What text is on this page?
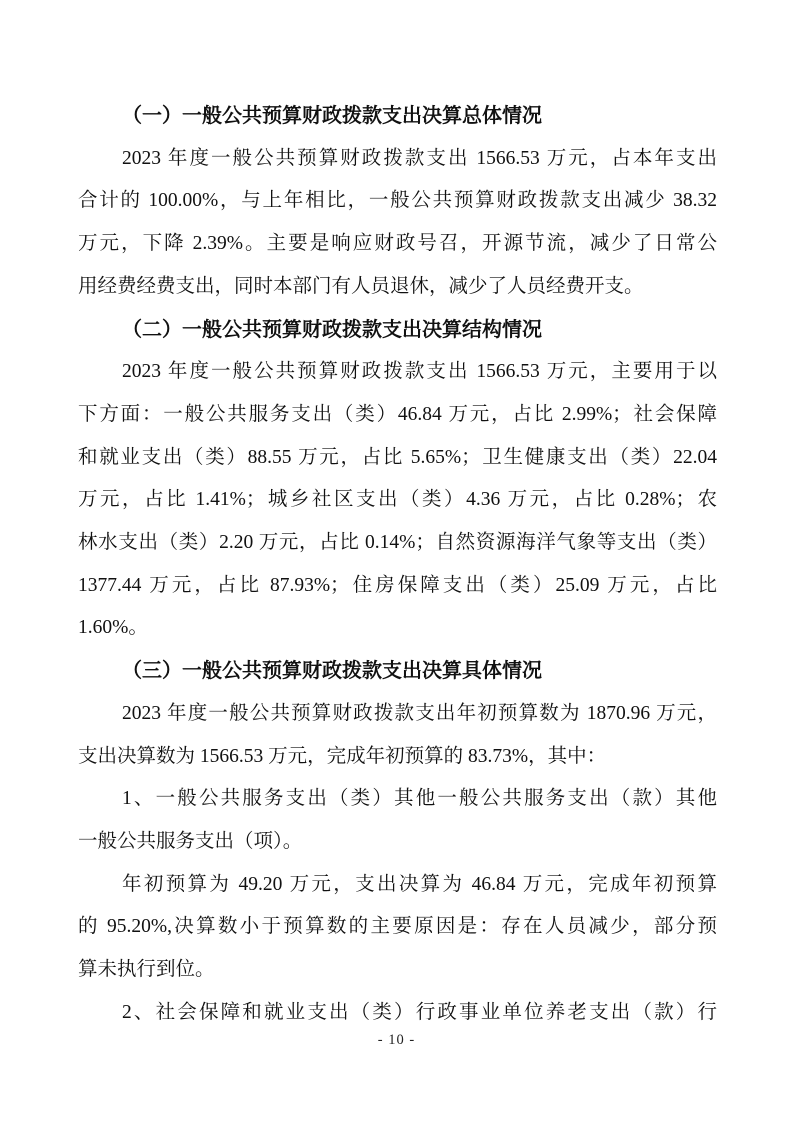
（一）一般公共预算财政拨款支出决算总体情况
2023 年度一般公共预算财政拨款支出 1566.53 万元，占本年支出
合计的 100.00%，与上年相比，一般公共预算财政拨款支出减少 38.32
万元，下降 2.39%。主要是响应财政号召，开源节流，减少了日常公
用经费经费支出，同时本部门有人员退休，减少了人员经费开支。
（二）一般公共预算财政拨款支出决算结构情况
2023 年度一般公共预算财政拨款支出 1566.53 万元，主要用于以
下方面：一般公共服务支出（类）46.84 万元，占比 2.99%；社会保障
和就业支出（类）88.55 万元，占比 5.65%；卫生健康支出（类）22.04
万元，占比 1.41%；城乡社区支出（类）4.36 万元，占比 0.28%；农
林水支出（类）2.20 万元，占比 0.14%；自然资源海洋气象等支出（类）
1377.44 万元，占比 87.93%；住房保障支出（类）25.09 万元，占比
1.60%。
（三）一般公共预算财政拨款支出决算具体情况
2023 年度一般公共预算财政拨款支出年初预算数为 1870.96 万元，
支出决算数为 1566.53 万元，完成年初预算的 83.73%，其中：
1、一般公共服务支出（类）其他一般公共服务支出（款）其他
一般公共服务支出（项）。
年初预算为 49.20 万元，支出决算为 46.84 万元，完成年初预算
的 95.20%,决算数小于预算数的主要原因是：存在人员减少，部分预
算未执行到位。
2、社会保障和就业支出（类）行政事业单位养老支出（款）行
- 10 -
